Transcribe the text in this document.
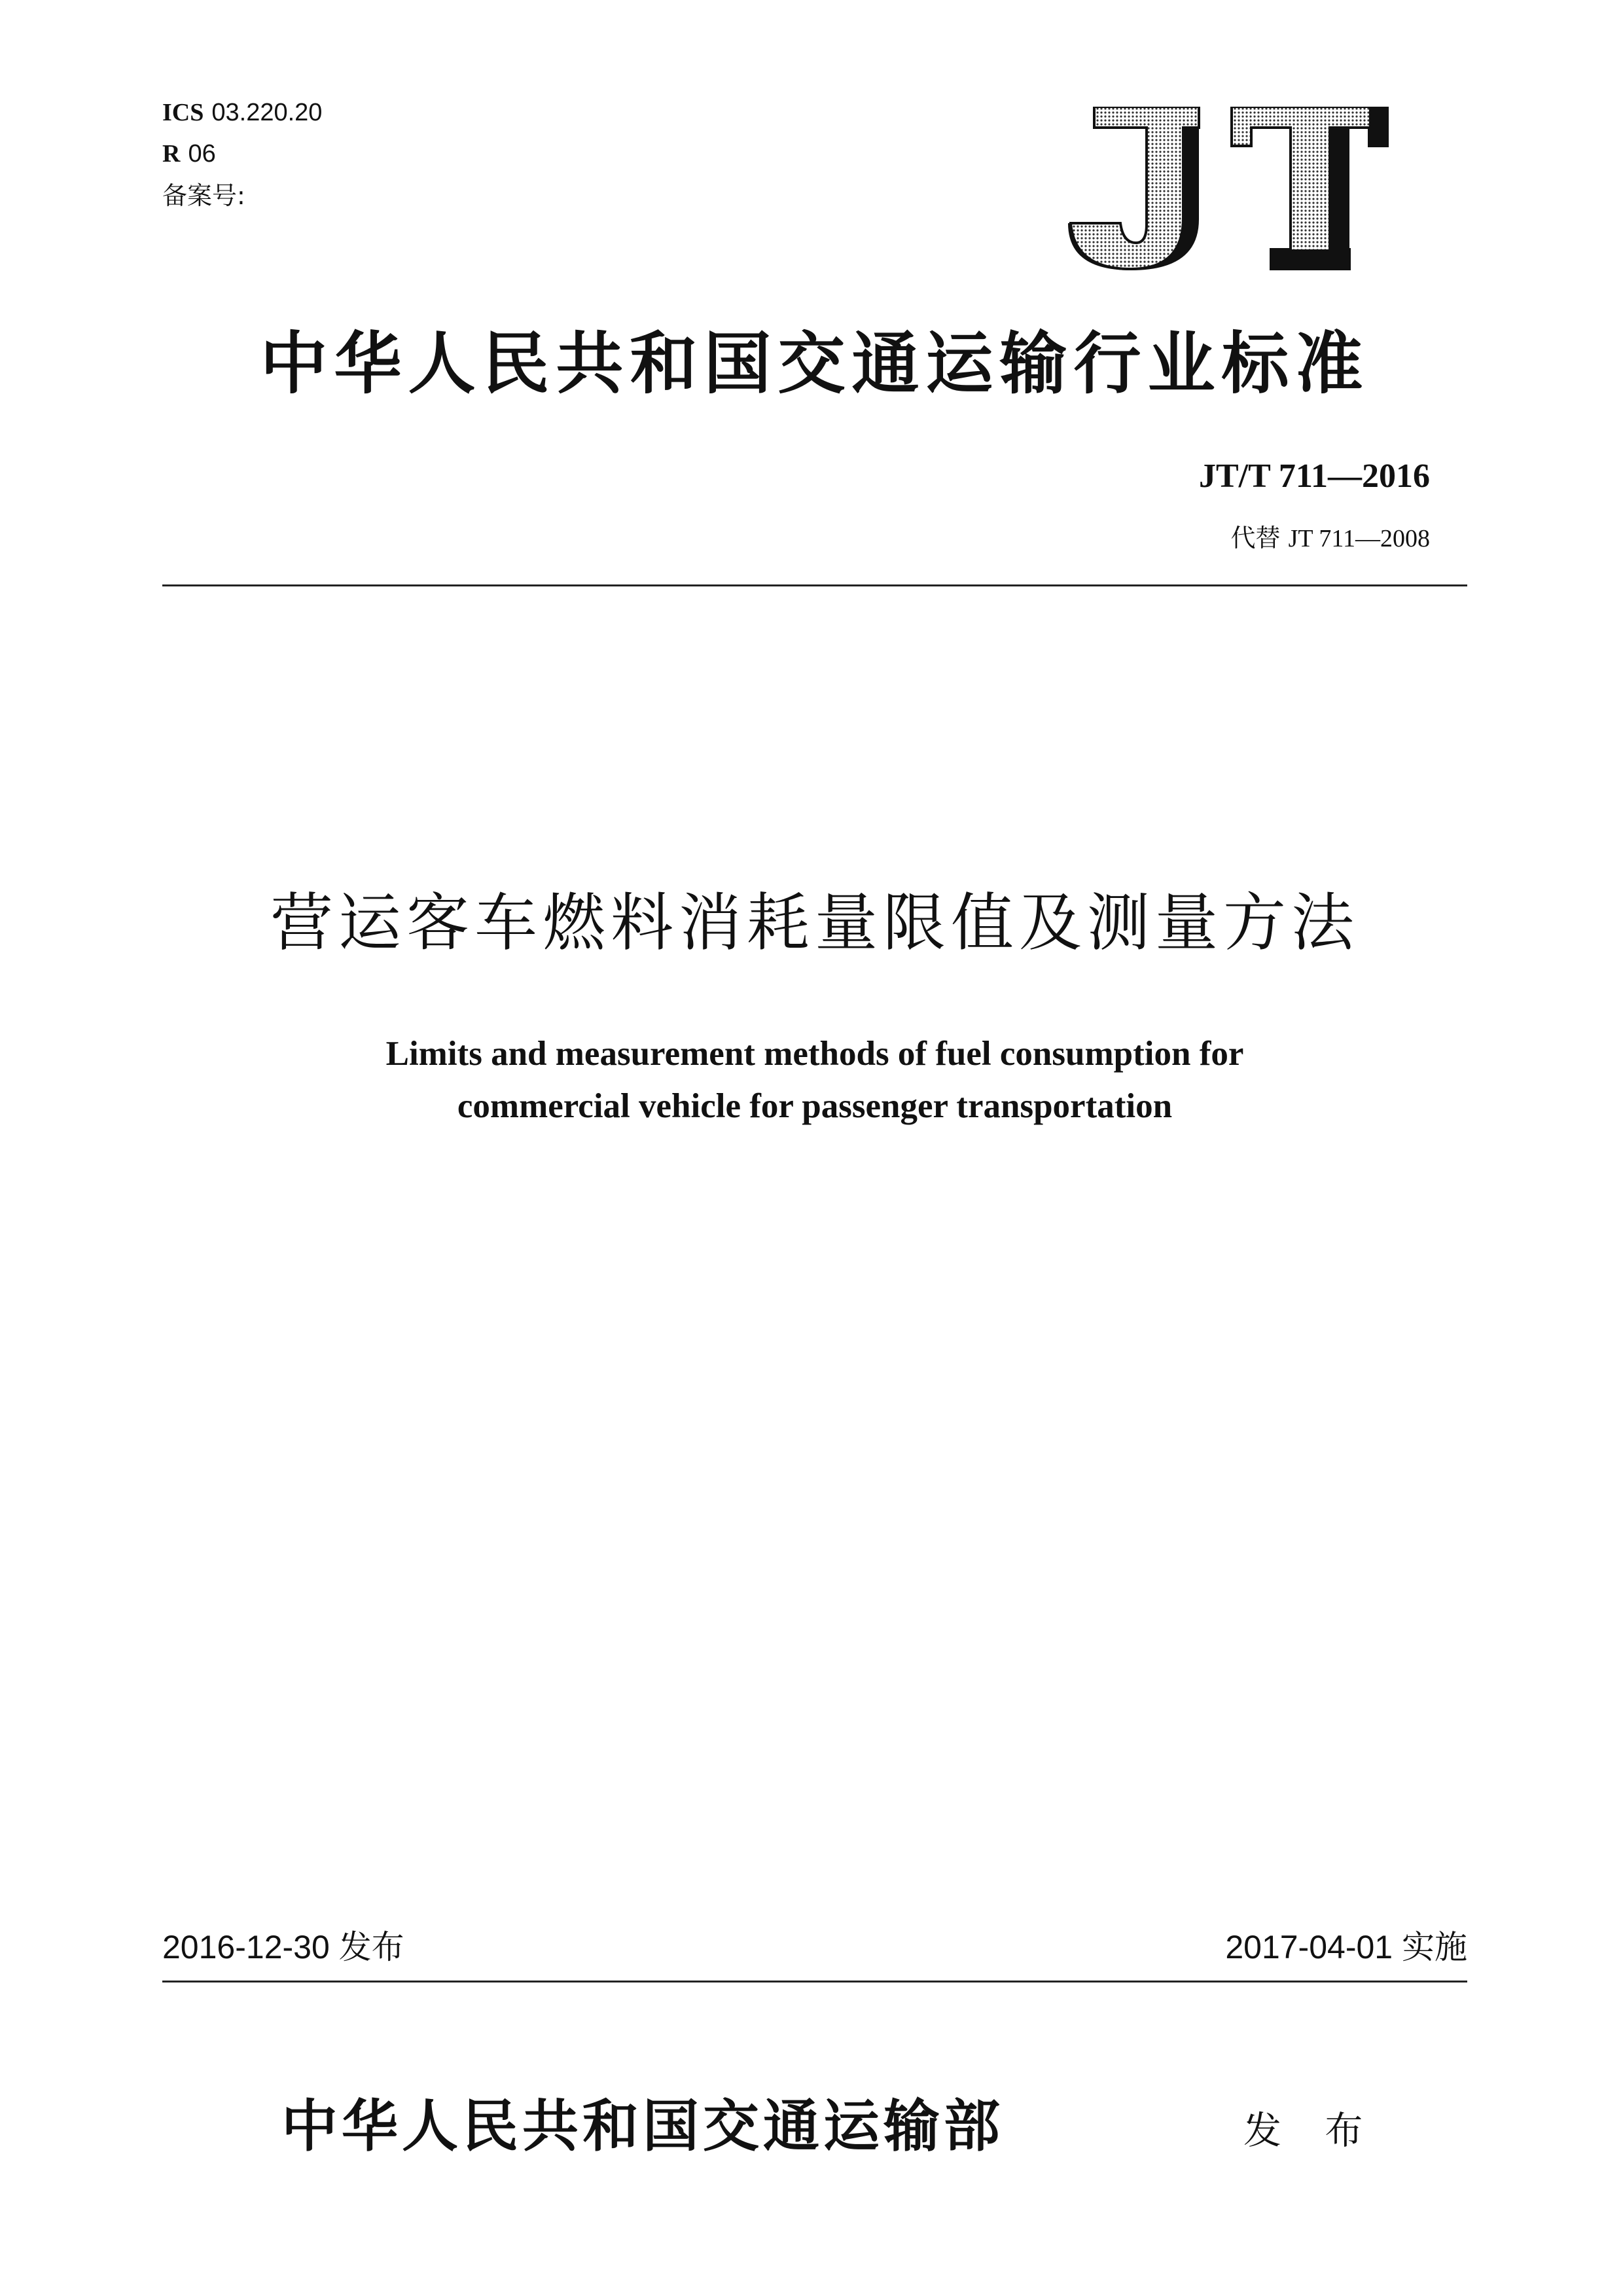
ICS 03.220.20
R 06
备案号:
中华人民共和国交通运输行业标准
JT/T 711—2016
代替 JT 711—2008
营运客车燃料消耗量限值及测量方法
Limits and measurement methods of fuel consumption for
commercial vehicle for passenger transportation
2016-12-30 发布	2017-04-01 实施
中华人民共和国交通运输部	发 布
